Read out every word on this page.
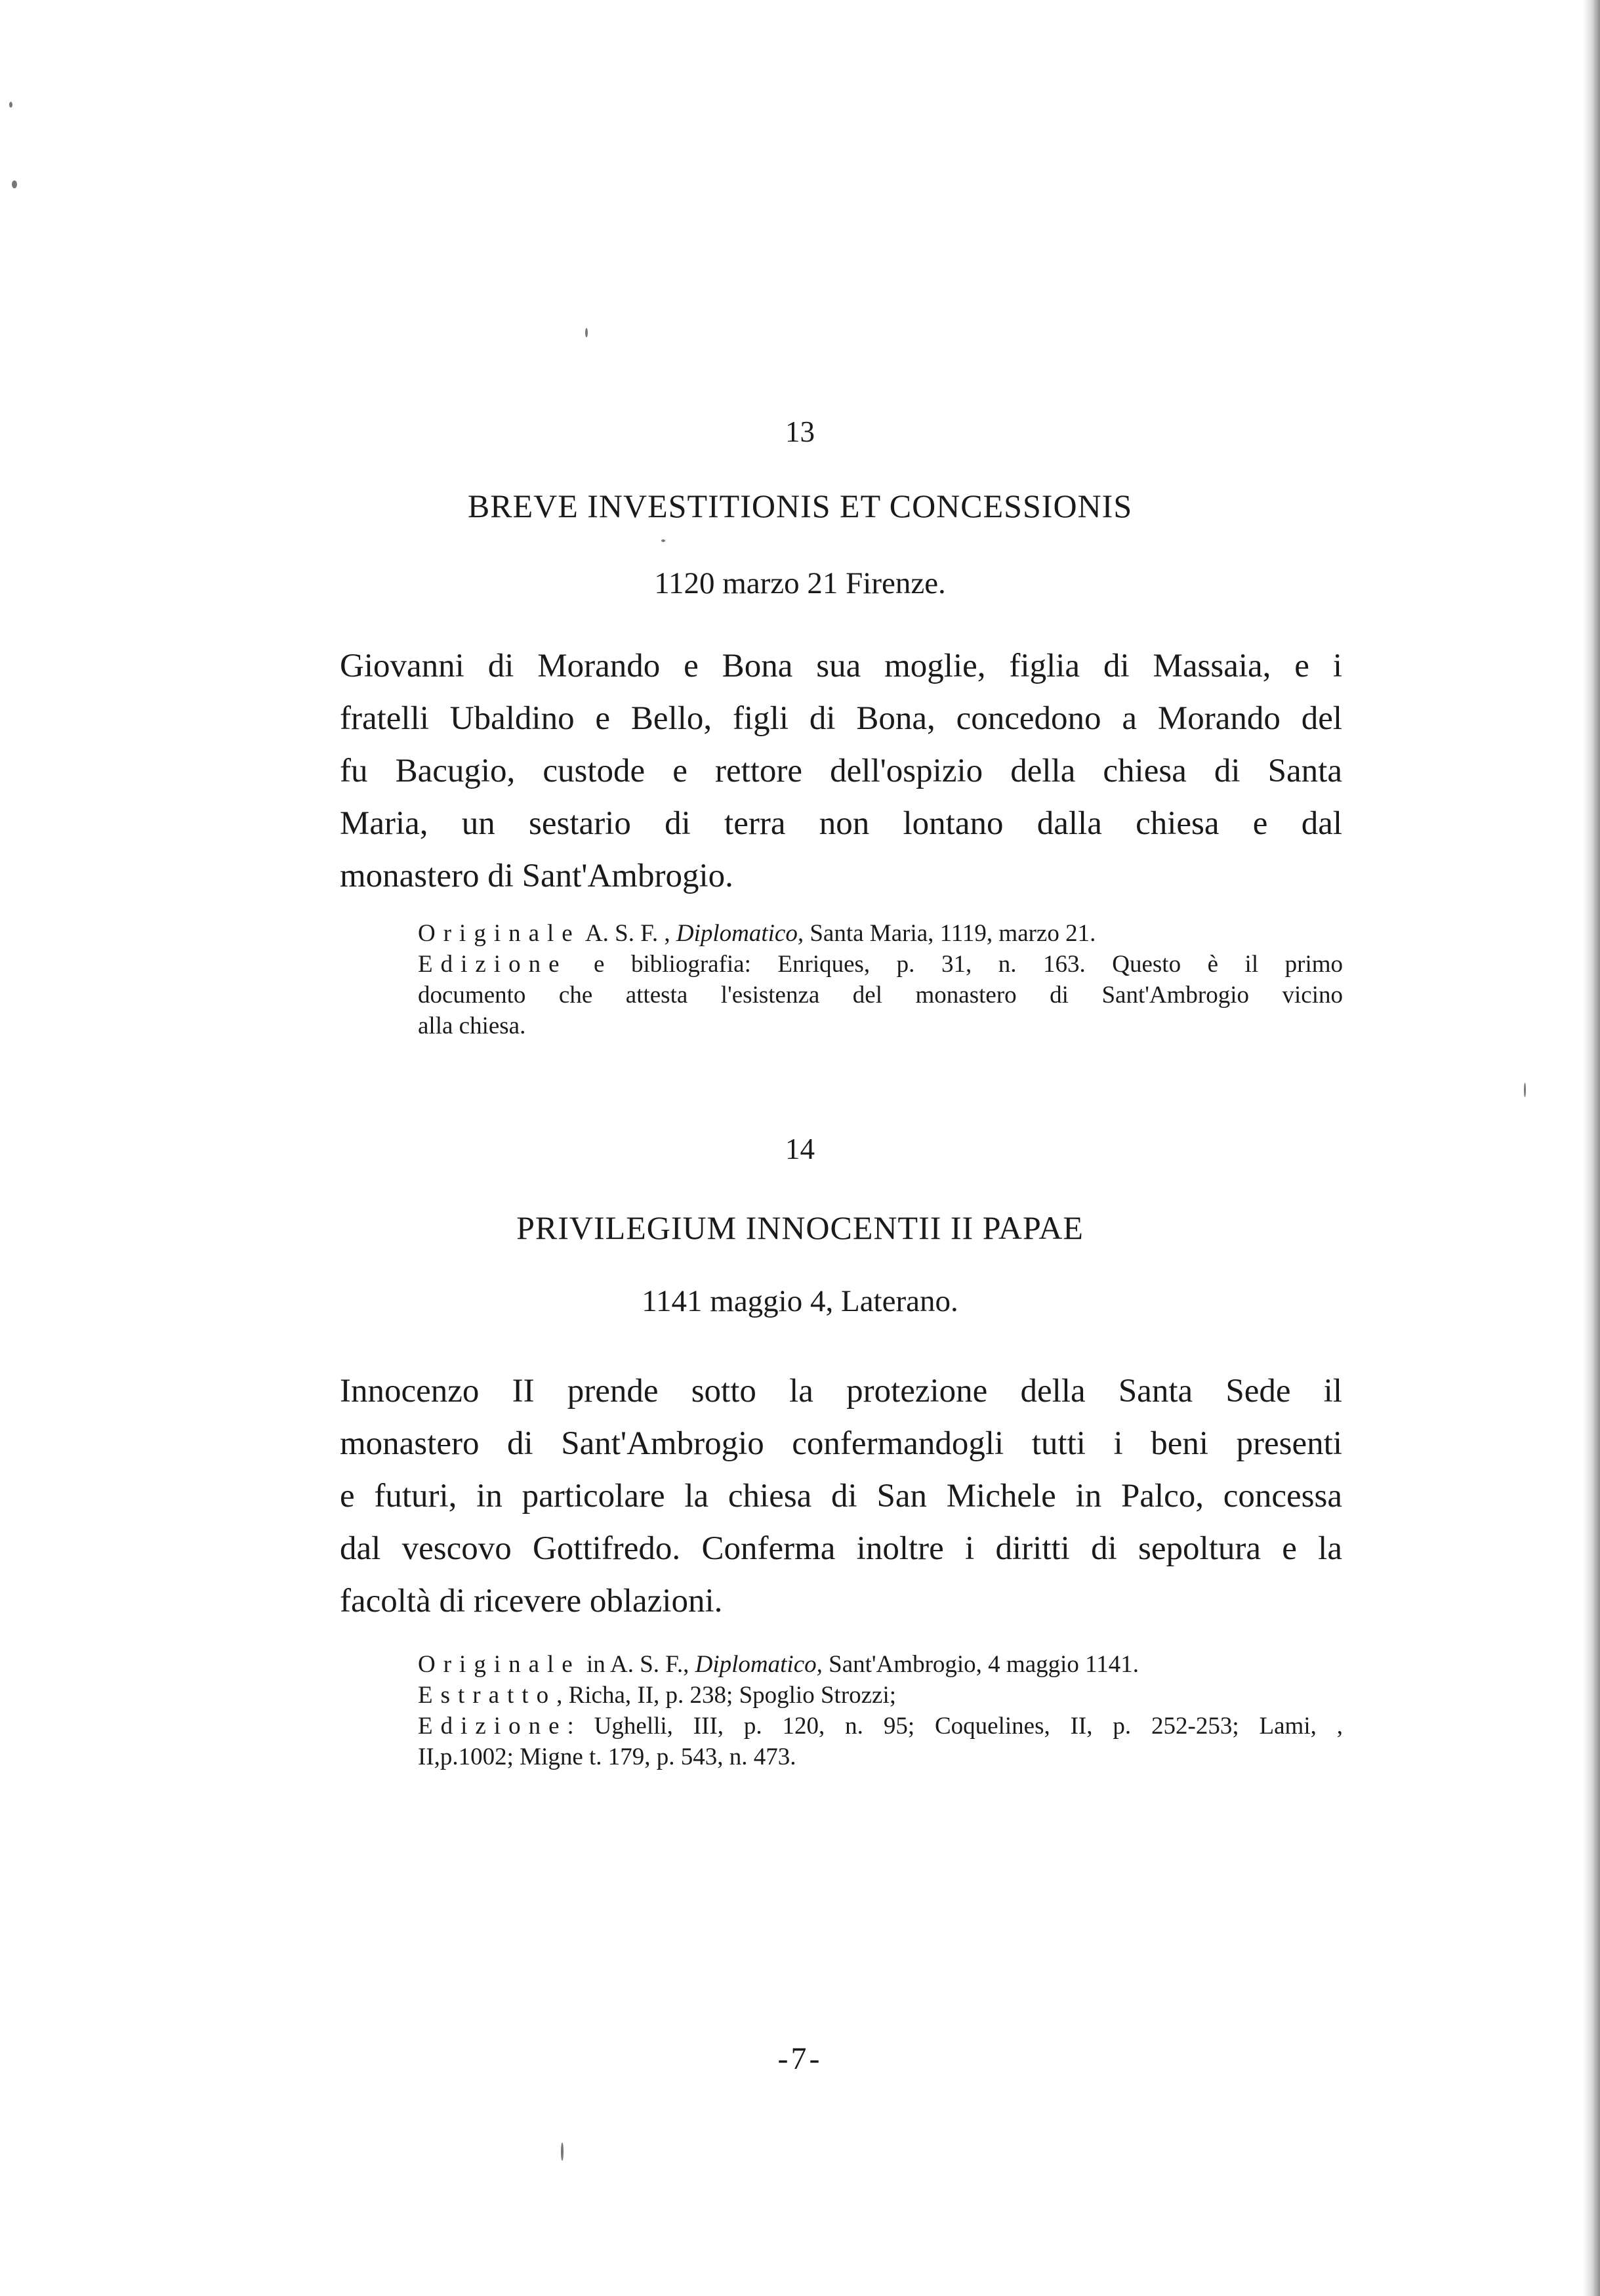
13
BREVE INVESTITIONIS ET CONCESSIONIS
1120 marzo 21 Firenze.
Giovanni di Morando e Bona sua moglie, figlia di Massaia, e i
fratelli Ubaldino e Bello, figli di Bona, concedono a Morando del
fu Bacugio, custode e rettore dell'ospizio della chiesa di Santa
Maria, un sestario di terra non lontano dalla chiesa e dal
monastero di Sant'Ambrogio.
Originale A. S. F. , Diplomatico, Santa Maria, 1119, marzo 21.
Edizione e bibliografia: Enriques, p. 31, n. 163. Questo è il primo
documento che attesta l'esistenza del monastero di Sant'Ambrogio vicino
alla chiesa.
14
PRIVILEGIUM INNOCENTII II PAPAE
1141 maggio 4, Laterano.
Innocenzo II prende sotto la protezione della Santa Sede il
monastero di Sant'Ambrogio confermandogli tutti i beni presenti
e futuri, in particolare la chiesa di San Michele in Palco, concessa
dal vescovo Gottifredo. Conferma inoltre i diritti di sepoltura e la
facoltà di ricevere oblazioni.
Originale in A. S. F., Diplomatico, Sant'Ambrogio, 4 maggio 1141.
Estratto, Richa, II, p. 238; Spoglio Strozzi;
Edizione: Ughelli, III, p. 120, n. 95; Coquelines, II, p. 252-253; Lami, ,
II,p.1002; Migne t. 179, p. 543, n. 473.
-7-
